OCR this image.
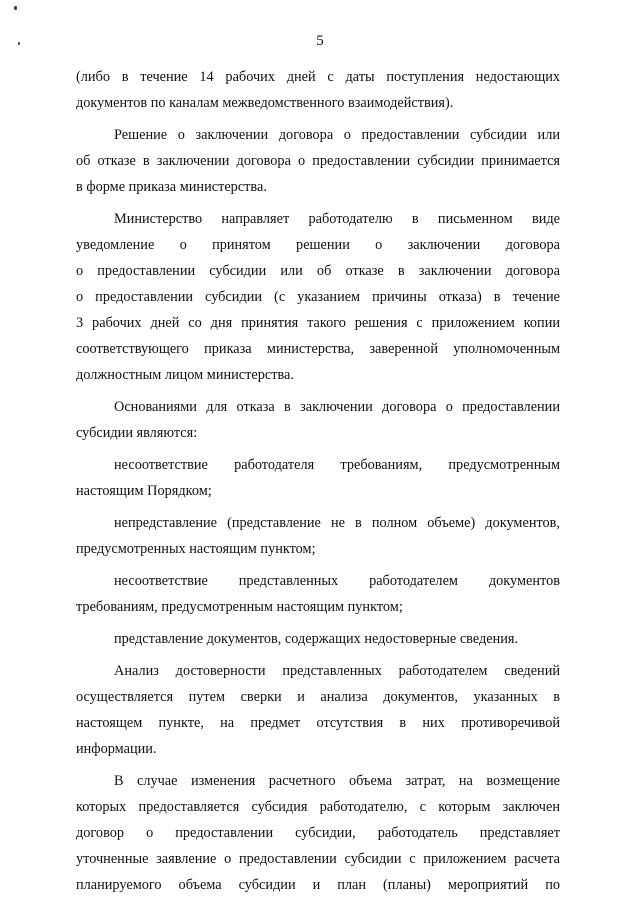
5
(либо в течение 14 рабочих дней с даты поступления недостающих
документов по каналам межведомственного взаимодействия).
Решение о заключении договора о предоставлении субсидии или
об отказе в заключении договора о предоставлении субсидии принимается
в форме приказа министерства.
Министерство направляет работодателю в письменном виде
уведомление о принятом решении о заключении договора
о предоставлении субсидии или об отказе в заключении договора
о предоставлении субсидии (с указанием причины отказа) в течение
3 рабочих дней со дня принятия такого решения с приложением копии
соответствующего приказа министерства, заверенной уполномоченным
должностным лицом министерства.
Основаниями для отказа в заключении договора о предоставлении
субсидии являются:
несоответствие работодателя требованиям, предусмотренным
настоящим Порядком;
непредставление (представление не в полном объеме) документов,
предусмотренных настоящим пунктом;
несоответствие представленных работодателем документов
требованиям, предусмотренным настоящим пунктом;
представление документов, содержащих недостоверные сведения.
Анализ достоверности представленных работодателем сведений
осуществляется путем сверки и анализа документов, указанных в
настоящем пункте, на предмет отсутствия в них противоречивой
информации.
В случае изменения расчетного объема затрат, на возмещение
которых предоставляется субсидия работодателю, с которым заключен
договор о предоставлении субсидии, работодатель представляет
уточненные заявление о предоставлении субсидии с приложением расчета
планируемого объема субсидии и план (планы) мероприятий по
